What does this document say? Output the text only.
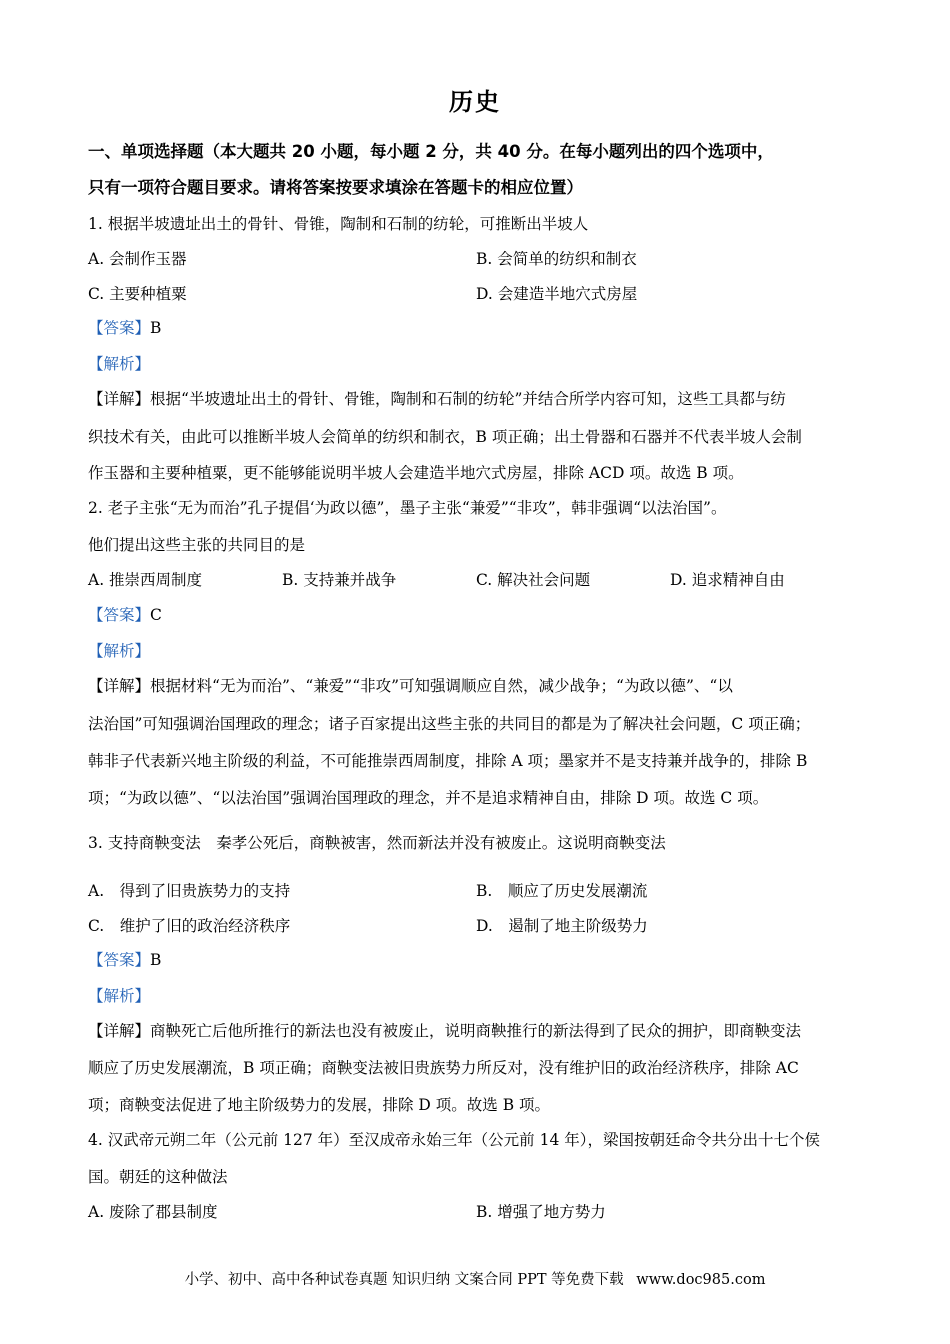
历史
一、单项选择题（本大题共 20 小题，每小题 2 分，共 40 分。在每小题列出的四个选项中，
只有一项符合题目要求。请将答案按要求填涂在答题卡的相应位置）
1. 根据半坡遗址出土的骨针、骨锥，陶制和石制的纺轮，可推断出半坡人
A. 会制作玉器	B. 会简单的纺织和制衣
C. 主要种植粟	D. 会建造半地穴式房屋
【答案】B
【解析】
【详解】根据“半坡遗址出土的骨针、骨锥，陶制和石制的纺轮”并结合所学内容可知，这些工具都与纺
织技术有关，由此可以推断半坡人会简单的纺织和制衣，B 项正确；出土骨器和石器并不代表半坡人会制
作玉器和主要种植粟，更不能够能说明半坡人会建造半地穴式房屋，排除 ACD 项。故选 B 项。
2. 老子主张“无为而治”孔子提倡‘为政以德”，墨子主张“兼爱”“非攻”，韩非强调“以法治国”。
他们提出这些主张的共同目的是
A. 推崇西周制度	B. 支持兼并战争	C. 解决社会问题	D. 追求精神自由
【答案】C
【解析】
【详解】根据材料“无为而治”、“兼爱”“非攻”可知强调顺应自然，减少战争；“为政以德”、“以
法治国”可知强调治国理政的理念；诸子百家提出这些主张的共同目的都是为了解决社会问题，C 项正确；
韩非子代表新兴地主阶级的利益，不可能推崇西周制度，排除 A 项；墨家并不是支持兼并战争的，排除 B
项；“为政以德”、“以法治国”强调治国理政的理念，并不是追求精神自由，排除 D 项。故选 C 项。
3. 支持商鞅变法　秦孝公死后，商鞅被害，然而新法并没有被废止。这说明商鞅变法
A.　得到了旧贵族势力的支持	B.　顺应了历史发展潮流
C.　维护了旧的政治经济秩序	D.　遏制了地主阶级势力
【答案】B
【解析】
【详解】商鞅死亡后他所推行的新法也没有被废止，说明商鞅推行的新法得到了民众的拥护，即商鞅变法
顺应了历史发展潮流，B 项正确；商鞅变法被旧贵族势力所反对，没有维护旧的政治经济秩序，排除 AC
项；商鞅变法促进了地主阶级势力的发展，排除 D 项。故选 B 项。
4. 汉武帝元朔二年（公元前 127 年）至汉成帝永始三年（公元前 14 年），梁国按朝廷命令共分出十七个侯
国。朝廷的这种做法
A. 废除了郡县制度	B. 增强了地方势力
小学、初中、高中各种试卷真题 知识归纳 文案合同 PPT 等免费下载 www.doc985.com
